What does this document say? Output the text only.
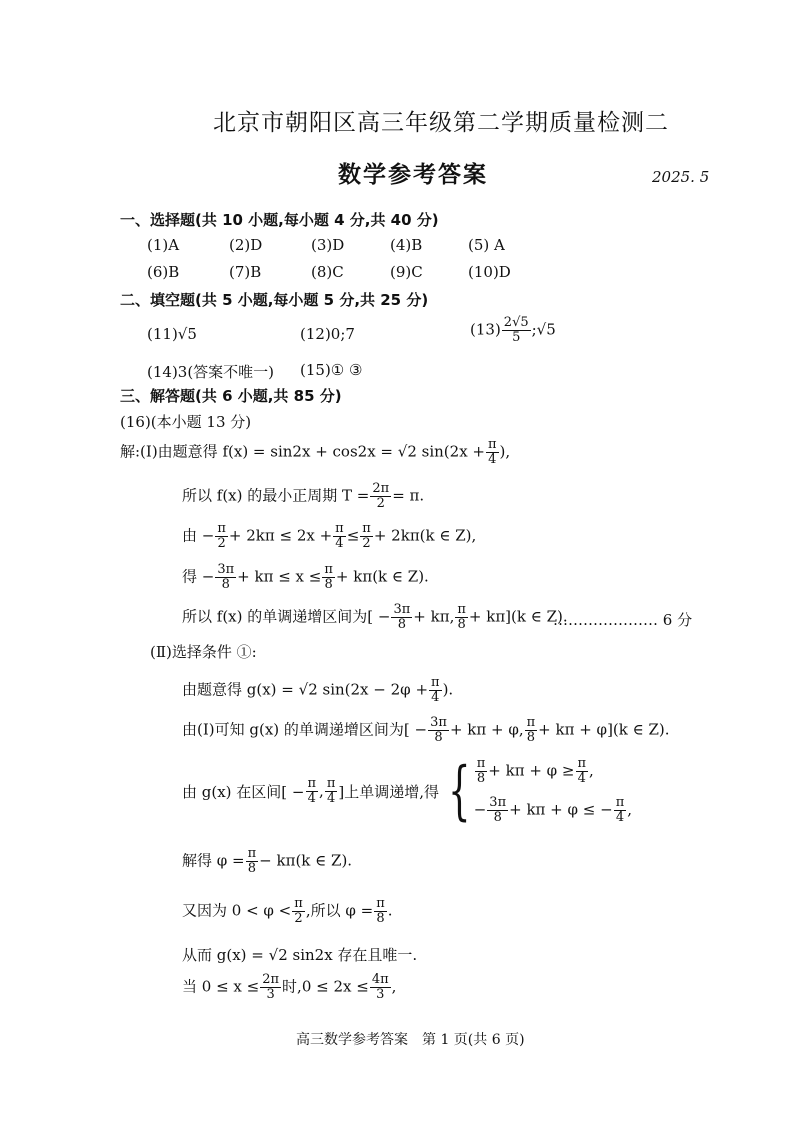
北京市朝阳区高三年级第二学期质量检测二
数学参考答案	2025. 5
一、选择题(共 10 小题,每小题 4 分,共 40 分)
(1)A	(2)D	(3)D	(4)B	(5) A
(6)B	(7)B	(8)C	(9)C	(10)D
二、填空题(共 5 小题,每小题 5 分,共 25 分)
(11)√5	(12)0;7	$(13) \frac{2√5}{5}$ ;√5
(14)3(答案不唯一) (15)① ③
三、解答题(共 6 小题,共 85 分)
(16)(本小题 13 分)
解:(Ⅰ)由题意得 f(x) = sin2x + cos2x = √2 $\sin(2x + \frac{\pi}{4}$ ),
所以 f(x) 的最小正周期 $T = \frac{2\pi}{2} = \pi$.
由 − $\frac{\pi}{2} + 2k\pi \le 2x + \frac{\pi}{4} \le \frac{\pi}{2} + 2k\pi(k$ ∈ Z),
得 − $\frac{3\pi}{8} + k\pi \le x \le \frac{\pi}{8} + k\pi(k$ ∈ Z).
所以 f(x) 的单调递增区间为[ − $\frac{3\pi}{8} + k\pi$, $\frac{\pi}{8} + k\pi](k$ ∈ Z).
………………… 6 分
(Ⅱ)选择条件 ①:
由题意得 g(x) = √2 $\sin(2x - 2\varphi + \frac{\pi}{4}$ ).
由(Ⅰ)可知 g(x) 的单调递增区间为[ − $\frac{3\pi}{8} + k\pi + \varphi$, $\frac{\pi}{8} + k\pi + \varphi](k$ ∈ Z).
由 g(x) 在区间[ − $\frac{\pi}{4}$ , $\frac{\pi}{4}$ ]上单调递增,得 { $\frac{\pi}{8} + k\pi + \varphi \ge \frac{\pi}{4}$ ,
− $\frac{3\pi}{8} + k\pi + \varphi$ ≤ − $\frac{\pi}{4}$ ,
解得 $\varphi = \frac{\pi}{8} - k\pi(k$ ∈ Z).
又因为 $0 < \varphi < \frac{\pi}{2}$ ,所以 $\varphi = \frac{\pi}{8}$ .
从而 g(x) = √2 sin2x 存在且唯一.
当 $0 \le x \le \frac{2\pi}{3}$ 时$,0 \le 2x \le \frac{4\pi}{3}$ ,
高三数学参考答案　第 1 页(共 6 页)
